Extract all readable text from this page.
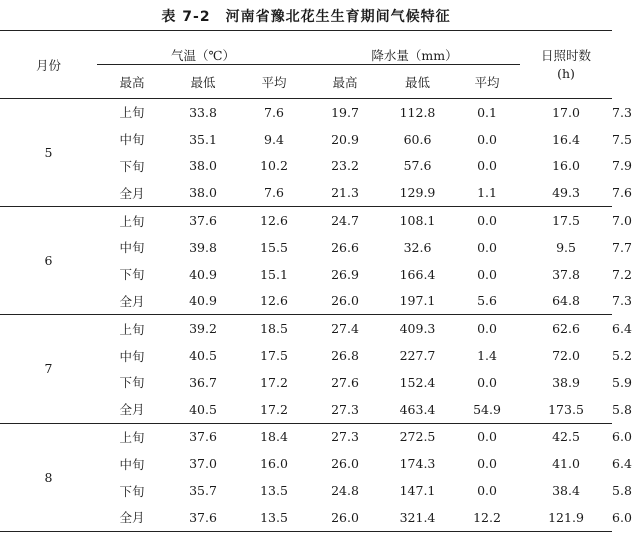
表 7-2　河南省豫北花生生育期间气候特征

月份	气温（℃）			降水量（mm）			日照时数
(h)	
	最高	最低	平均	最高	最低	平均		
5	上旬	33.8	7.6	19.7	112.8	0.1	17.0	7.3
	中旬	35.1	9.4	20.9	60.6	0.0	16.4	7.5
	下旬	38.0	10.2	23.2	57.6	0.0	16.0	7.9
	全月	38.0	7.6	21.3	129.9	1.1	49.3	7.6
6	上旬	37.6	12.6	24.7	108.1	0.0	17.5	7.0
	中旬	39.8	15.5	26.6	32.6	0.0	9.5	7.7
	下旬	40.9	15.1	26.9	166.4	0.0	37.8	7.2
	全月	40.9	12.6	26.0	197.1	5.6	64.8	7.3
7	上旬	39.2	18.5	27.4	409.3	0.0	62.6	6.4
	中旬	40.5	17.5	26.8	227.7	1.4	72.0	5.2
	下旬	36.7	17.2	27.6	152.4	0.0	38.9	5.9
	全月	40.5	17.2	27.3	463.4	54.9	173.5	5.8
8	上旬	37.6	18.4	27.3	272.5	0.0	42.5	6.0
	中旬	37.0	16.0	26.0	174.3	0.0	41.0	6.4
	下旬	35.7	13.5	24.8	147.1	0.0	38.4	5.8
	全月	37.6	13.5	26.0	321.4	12.2	121.9	6.0
